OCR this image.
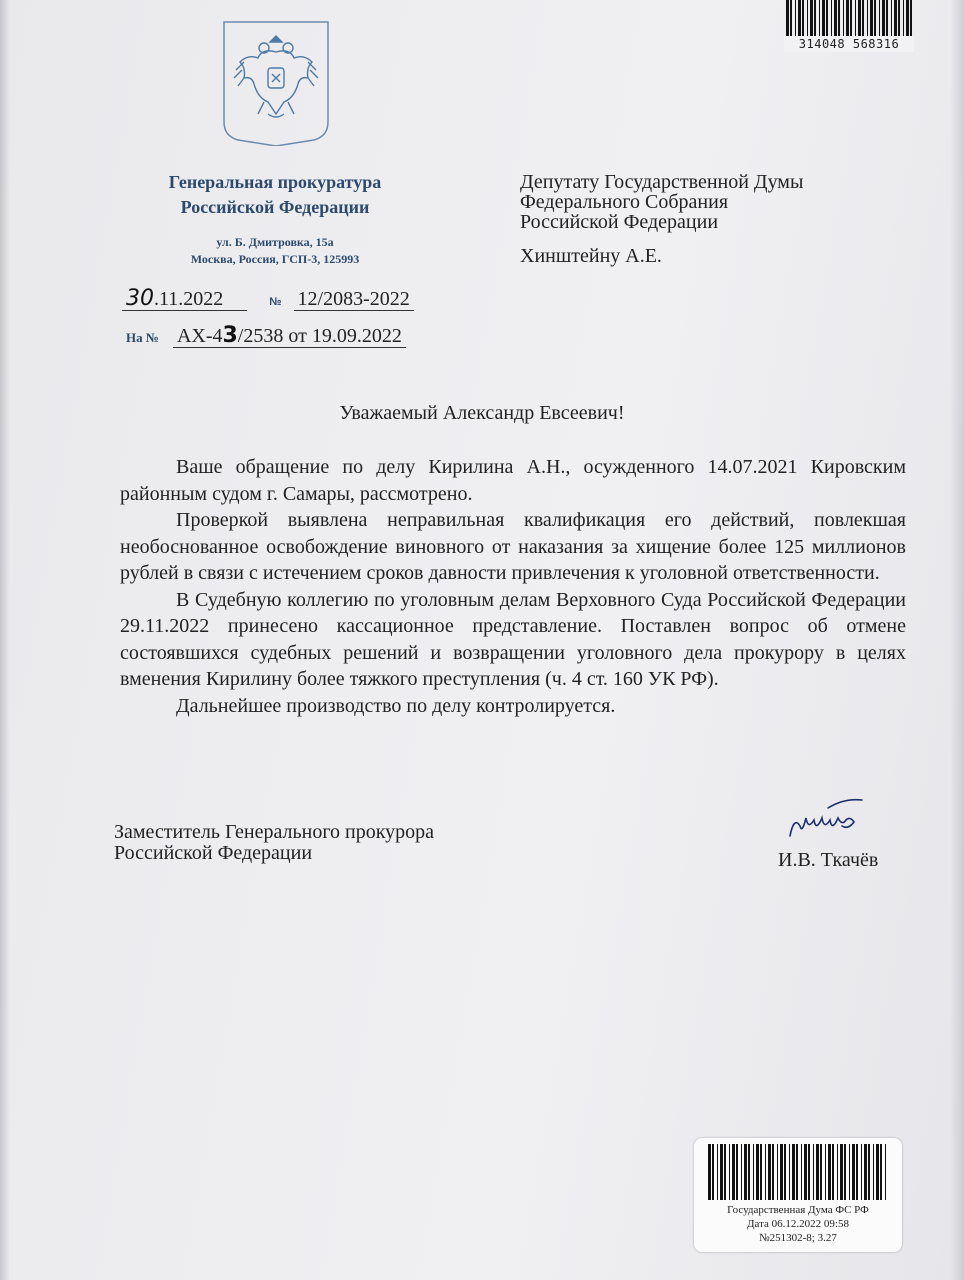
314048 568316
Генеральная прокуратура
Российской Федерации
ул. Б. Дмитровка, 15а
Москва, Россия, ГСП-3, 125993
30.11.2022	№ 12/2083-2022
На № АХ-43/2538 от 19.09.2022
Депутату Государственной Думы
Федерального Собрания
Российской Федерации
Хинштейну А.Е.
Уважаемый Александр Евсеевич!

Ваше обращение по делу Кирилина А.Н., осужденного 14.07.2021 Кировским районным судом г. Самары, рассмотрено.

Проверкой выявлена неправильная квалификация его действий, повлекшая необоснованное освобождение виновного от наказания за хищение более 125 миллионов рублей в связи с истечением сроков давности привлечения к уголовной ответственности.

В Судебную коллегию по уголовным делам Верховного Суда Российской Федерации 29.11.2022 принесено кассационное представление. Поставлен вопрос об отмене состоявшихся судебных решений и возвращении уголовного дела прокурору в целях вменения Кирилину более тяжкого преступления (ч. 4 ст. 160 УК РФ).

Дальнейшее производство по делу контролируется.

Заместитель Генерального прокурора
Российской Федерации	И.В. Ткачёв
Государственная Дума ФС РФ
Дата 06.12.2022 09:58
№251302-8; 3.27
